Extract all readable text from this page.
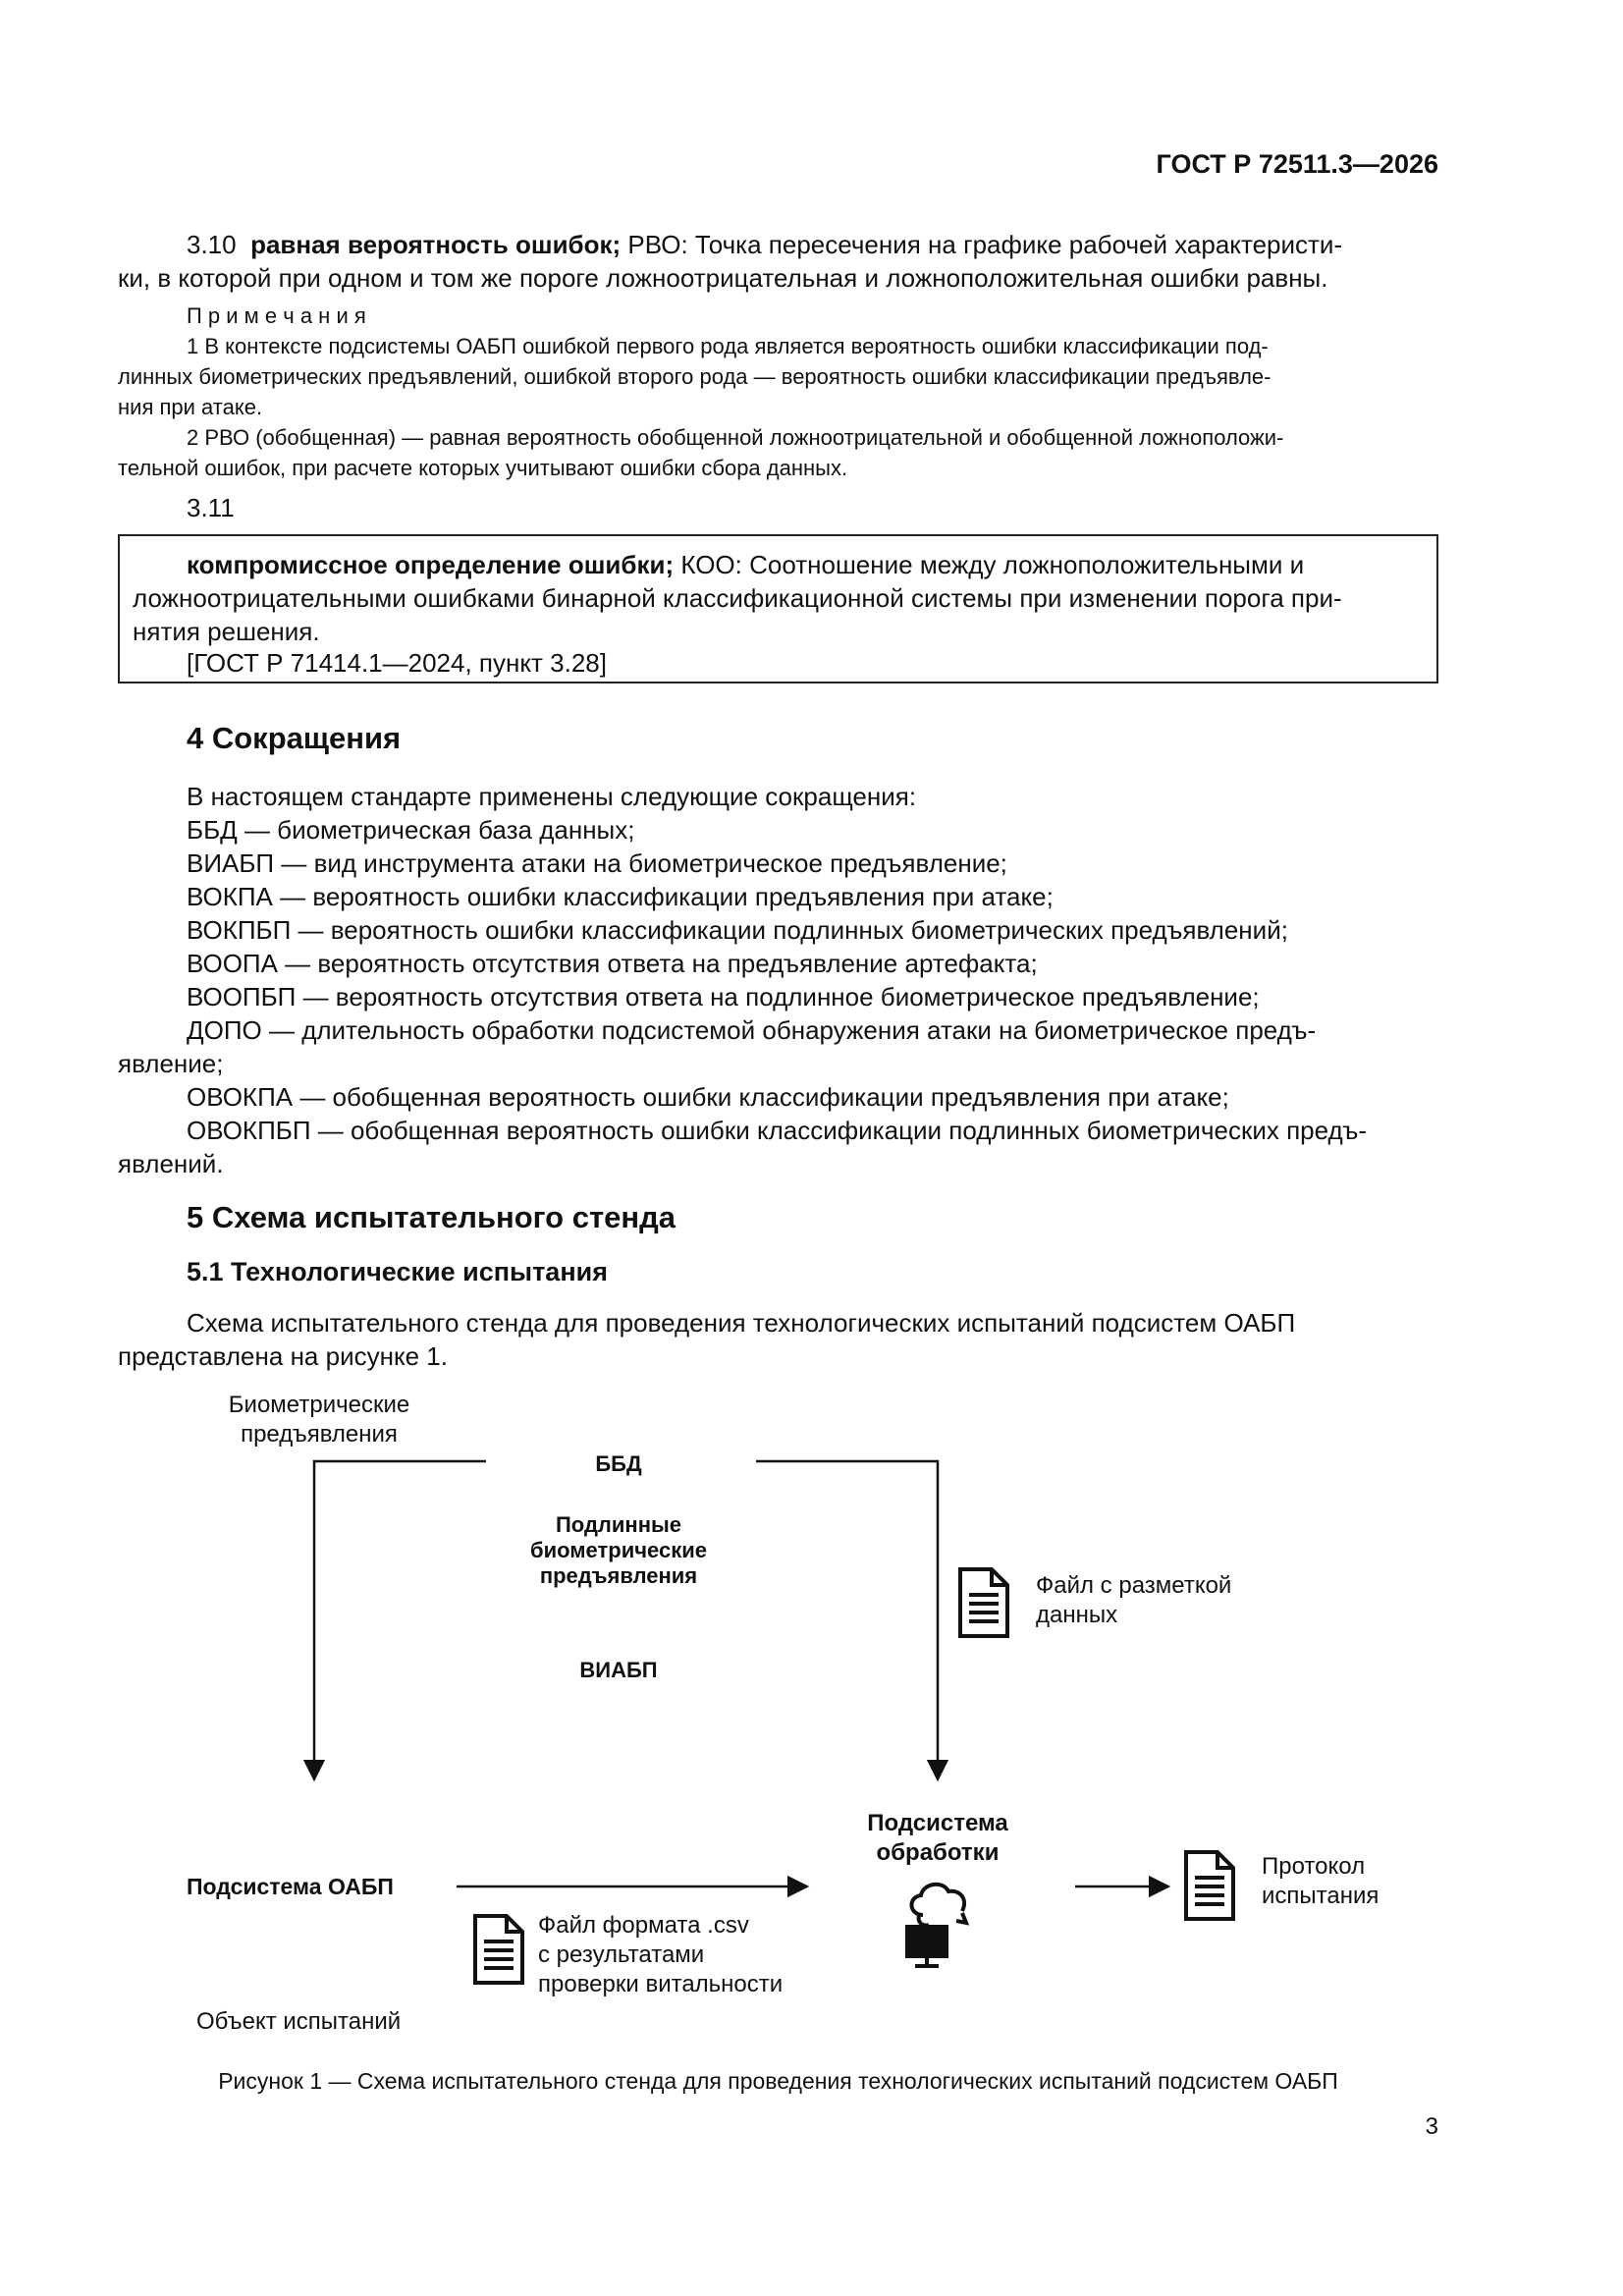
ГОСТ Р 72511.3—2026
3.10 равная вероятность ошибок; РВО: Точка пересечения на графике рабочей характеристи-
ки, в которой при одном и том же пороге ложноотрицательная и ложноположительная ошибки равны.
П р и м е ч а н и я
1 В контексте подсистемы ОАБП ошибкой первого рода является вероятность ошибки классификации под-
линных биометрических предъявлений, ошибкой второго рода — вероятность ошибки классификации предъявле-
ния при атаке.
2 РВО (обобщенная) — равная вероятность обобщенной ложноотрицательной и обобщенной ложноположи-
тельной ошибок, при расчете которых учитывают ошибки сбора данных.
3.11
компромиссное определение ошибки; КОО: Соотношение между ложноположительными и
ложноотрицательными ошибками бинарной классификационной системы при изменении порога при-
нятия решения.
[ГОСТ Р 71414.1—2024, пункт 3.28]
4 Сокращения
В настоящем стандарте применены следующие сокращения:
ББД — биометрическая база данных;
ВИАБП — вид инструмента атаки на биометрическое предъявление;
ВОКПА — вероятность ошибки классификации предъявления при атаке;
ВОКПБП — вероятность ошибки классификации подлинных биометрических предъявлений;
ВООПА — вероятность отсутствия ответа на предъявление артефакта;
ВООПБП — вероятность отсутствия ответа на подлинное биометрическое предъявление;
ДОПО — длительность обработки подсистемой обнаружения атаки на биометрическое предъ-
явление;
ОВОКПА — обобщенная вероятность ошибки классификации предъявления при атаке;
ОВОКПБП — обобщенная вероятность ошибки классификации подлинных биометрических предъ-
явлений.
5 Схема испытательного стенда
5.1 Технологические испытания
Схема испытательного стенда для проведения технологических испытаний подсистем ОАБП
представлена на рисунке 1.
Биометрические
предъявления
ББД
Подлинные
биометрические
предъявления
ВИАБП
Файл с разметкой
данных
Подсистема
обработки
Подсистема ОАБП
Файл формата .csv
с результатами
проверки витальности
Протокол
испытания
Объект испытаний
Рисунок 1 — Схема испытательного стенда для проведения технологических испытаний подсистем ОАБП
3
